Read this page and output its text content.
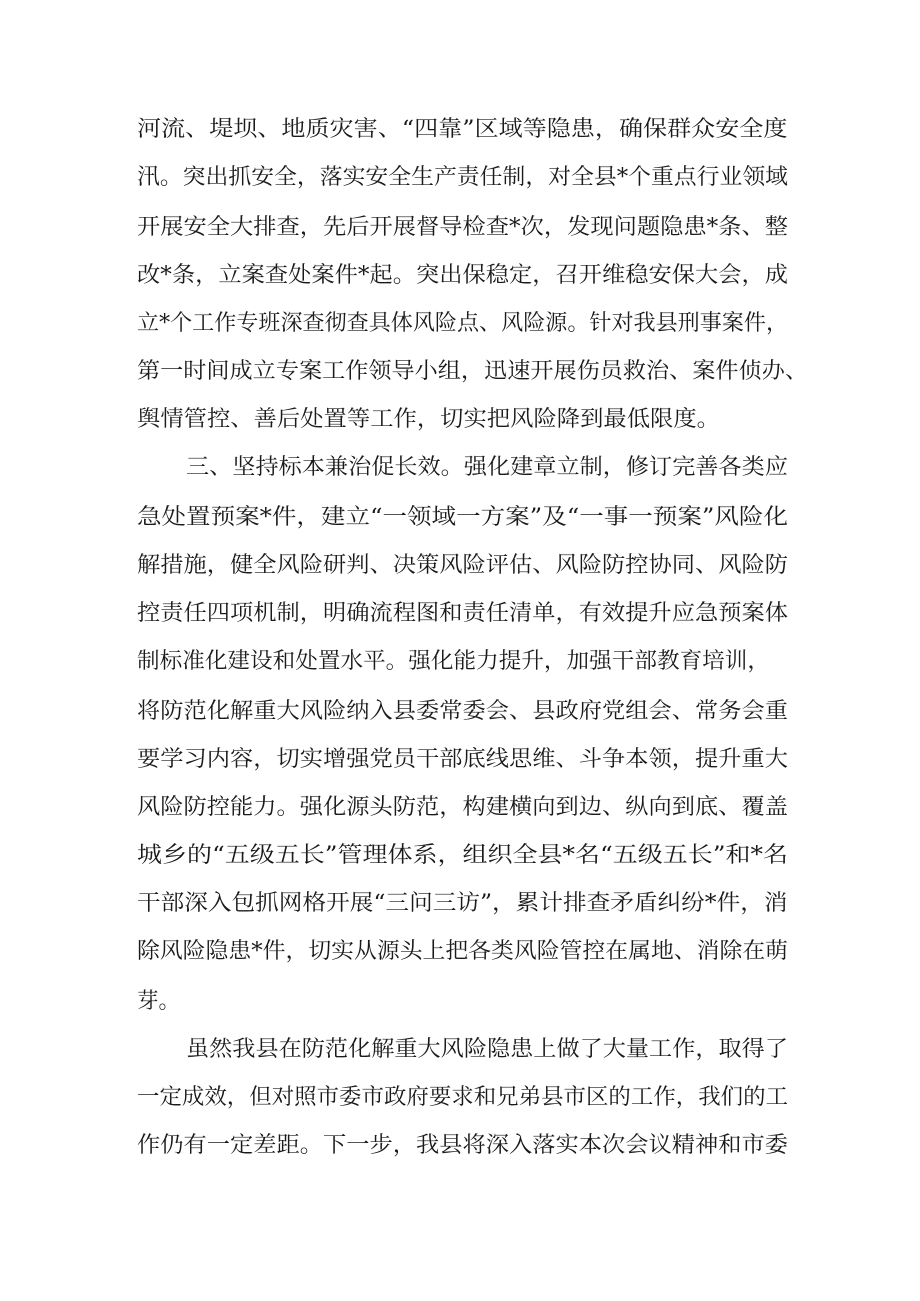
河流、堤坝、地质灾害、“四靠”区域等隐患，确保群众安全度
汛。突出抓安全，落实安全生产责任制，对全县*个重点行业领域
开展安全大排查，先后开展督导检查*次，发现问题隐患*条、整
改*条，立案查处案件*起。突出保稳定，召开维稳安保大会，成
立*个工作专班深查彻查具体风险点、风险源。针对我县刑事案件，
第一时间成立专案工作领导小组，迅速开展伤员救治、案件侦办、
舆情管控、善后处置等工作，切实把风险降到最低限度。
三、坚持标本兼治促长效。强化建章立制，修订完善各类应
急处置预案*件，建立“一领域一方案”及“一事一预案”风险化
解措施，健全风险研判、决策风险评估、风险防控协同、风险防
控责任四项机制，明确流程图和责任清单，有效提升应急预案体
制标准化建设和处置水平。强化能力提升，加强干部教育培训，
将防范化解重大风险纳入县委常委会、县政府党组会、常务会重
要学习内容，切实增强党员干部底线思维、斗争本领，提升重大
风险防控能力。强化源头防范，构建横向到边、纵向到底、覆盖
城乡的“五级五长”管理体系，组织全县*名“五级五长”和*名
干部深入包抓网格开展“三问三访”，累计排查矛盾纠纷*件，消
除风险隐患*件，切实从源头上把各类风险管控在属地、消除在萌
芽。
虽然我县在防范化解重大风险隐患上做了大量工作，取得了
一定成效，但对照市委市政府要求和兄弟县市区的工作，我们的工
作仍有一定差距。下一步，我县将深入落实本次会议精神和市委
